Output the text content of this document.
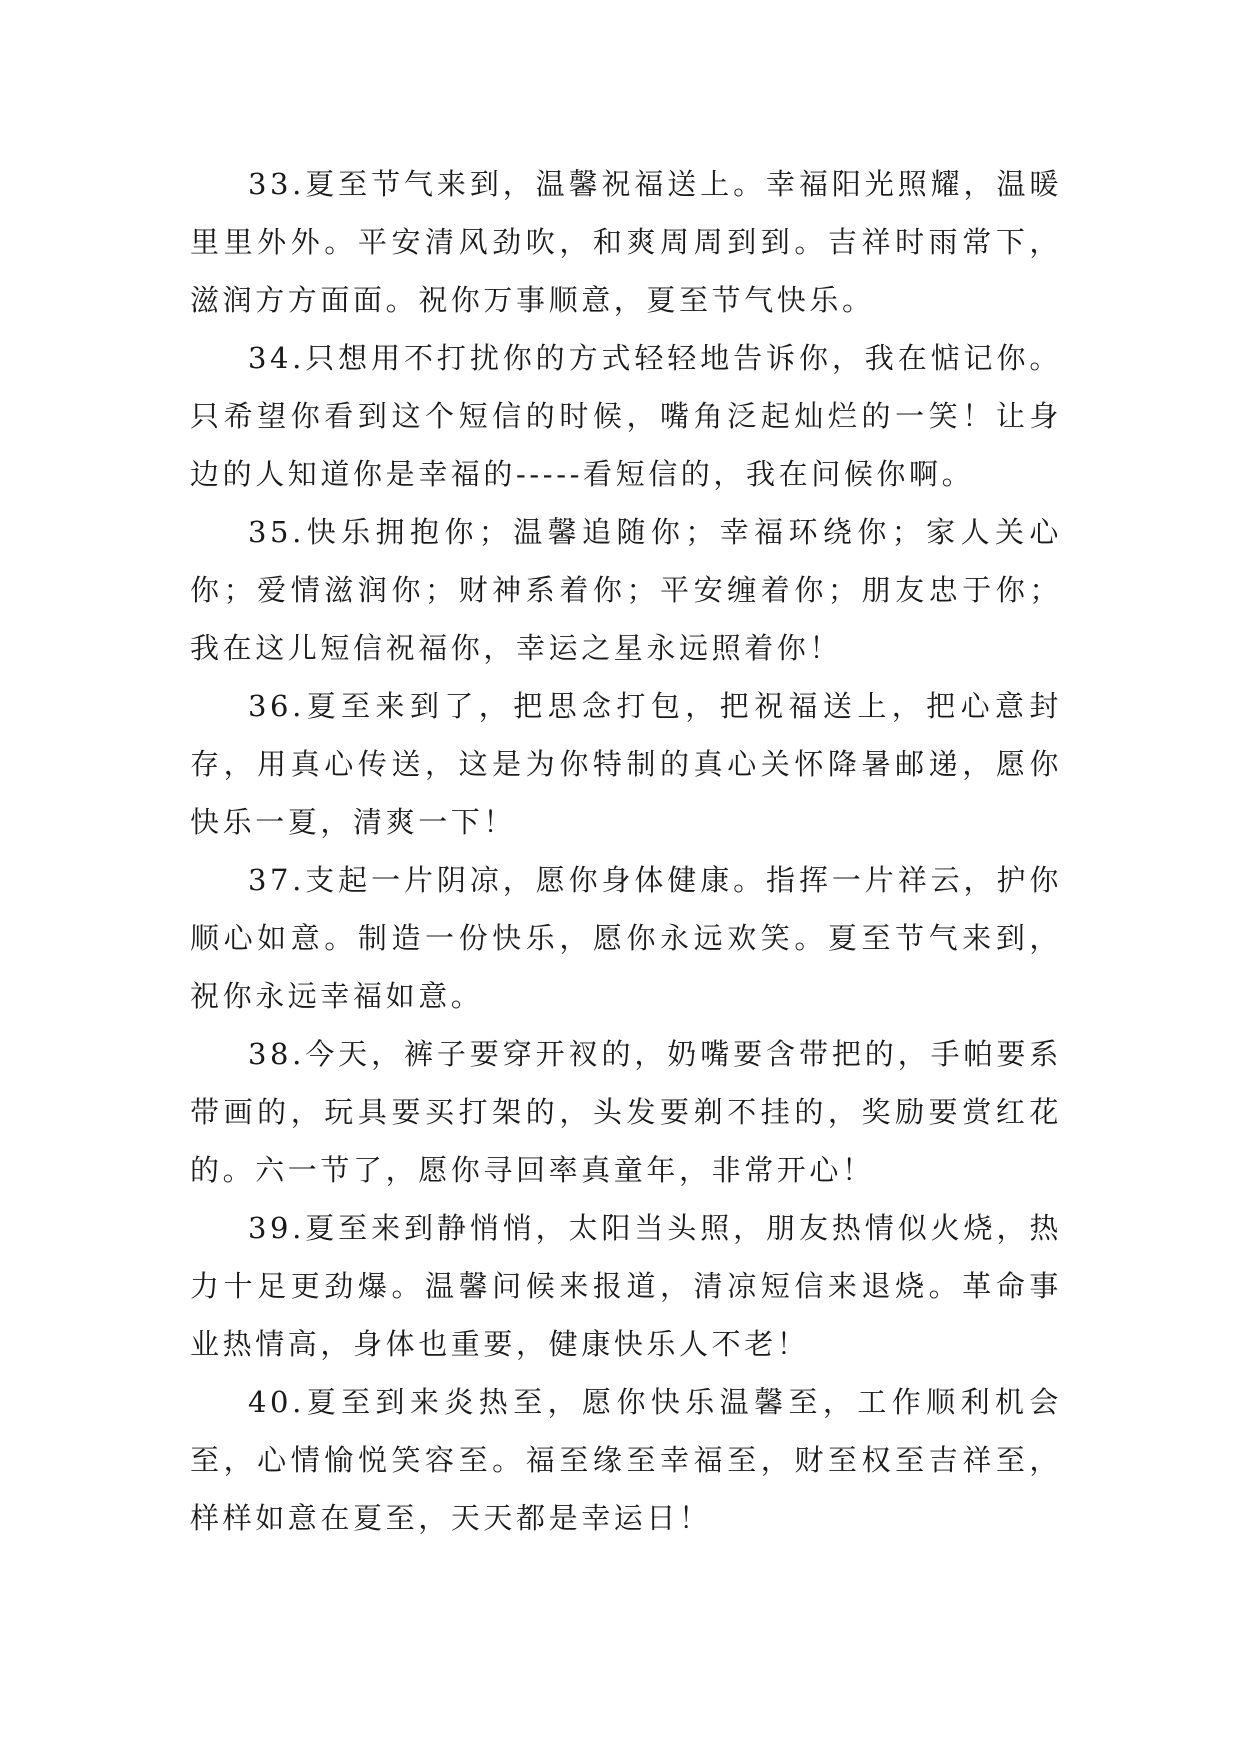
33.夏至节气来到，温馨祝福送上。幸福阳光照耀，温暖里里外外。平安清风劲吹，和爽周周到到。吉祥时雨常下，滋润方方面面。祝你万事顺意，夏至节气快乐。

34.只想用不打扰你的方式轻轻地告诉你，我在惦记你。只希望你看到这个短信的时候，嘴角泛起灿烂的一笑！让身边的人知道你是幸福的-----看短信的，我在问候你啊。

35.快乐拥抱你；温馨追随你；幸福环绕你；家人关心你；爱情滋润你；财神系着你；平安缠着你；朋友忠于你；我在这儿短信祝福你，幸运之星永远照着你！

36.夏至来到了，把思念打包，把祝福送上，把心意封存，用真心传送，这是为你特制的真心关怀降暑邮递，愿你快乐一夏，清爽一下！

37.支起一片阴凉，愿你身体健康。指挥一片祥云，护你顺心如意。制造一份快乐，愿你永远欢笑。夏至节气来到，祝你永远幸福如意。

38.今天，裤子要穿开衩的，奶嘴要含带把的，手帕要系带画的，玩具要买打架的，头发要剃不挂的，奖励要赏红花的。六一节了，愿你寻回率真童年，非常开心！

39.夏至来到静悄悄，太阳当头照，朋友热情似火烧，热力十足更劲爆。温馨问候来报道，清凉短信来退烧。革命事业热情高，身体也重要，健康快乐人不老！

40.夏至到来炎热至，愿你快乐温馨至，工作顺利机会至，心情愉悦笑容至。福至缘至幸福至，财至权至吉祥至，样样如意在夏至，天天都是幸运日！
